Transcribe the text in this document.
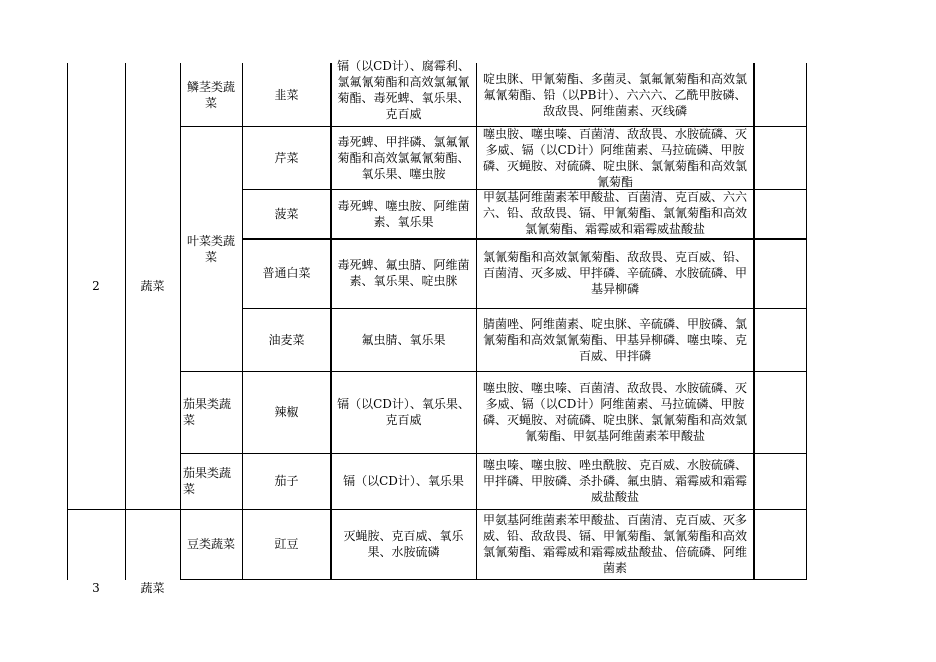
2
3
蔬菜
蔬菜
鳞茎类蔬菜
叶菜类蔬菜
茄果类蔬菜
茄果类蔬菜
豆类蔬菜
韭菜
芹菜
菠菜
普通白菜
油麦菜
辣椒
茄子
豇豆
镉（以CD计）、腐霉利、氯氟氰菊酯和高效氯氟氰菊酯、毒死蜱、氧乐果、克百威
毒死蜱、甲拌磷、氯氟氰菊酯和高效氯氟氰菊酯、氧乐果、噻虫胺
毒死蜱、噻虫胺、阿维菌素、氧乐果
毒死蜱、氟虫腈、阿维菌素、氧乐果、啶虫脒
氟虫腈、氧乐果
镉（以CD计）、氧乐果、克百威
镉（以CD计）、氧乐果
灭蝇胺、克百威、氧乐果、水胺硫磷
啶虫脒、甲氰菊酯、多菌灵、氯氟氰菊酯和高效氯氟氰菊酯、铅（以PB计）、六六六、乙酰甲胺磷、敌敌畏、阿维菌素、灭线磷
噻虫胺、噻虫嗪、百菌清、敌敌畏、水胺硫磷、灭多威、镉（以CD计）阿维菌素、马拉硫磷、甲胺磷、灭蝇胺、对硫磷、啶虫脒、氯氰菊酯和高效氯氰菊酯
甲氨基阿维菌素苯甲酸盐、百菌清、克百威、六六六、铅、敌敌畏、镉、甲氰菊酯、氯氰菊酯和高效氯氰菊酯、霜霉威和霜霉威盐酸盐
氯氰菊酯和高效氯氰菊酯、敌敌畏、克百威、铅、百菌清、灭多威、甲拌磷、辛硫磷、水胺硫磷、甲基异柳磷
腈菌唑、阿维菌素、啶虫脒、辛硫磷、甲胺磷、氯氰菊酯和高效氯氰菊酯、甲基异柳磷、噻虫嗪、克百威、甲拌磷
噻虫胺、噻虫嗪、百菌清、敌敌畏、水胺硫磷、灭多威、镉（以CD计）阿维菌素、马拉硫磷、甲胺磷、灭蝇胺、对硫磷、啶虫脒、氯氰菊酯和高效氯氰菊酯、甲氨基阿维菌素苯甲酸盐
噻虫嗪、噻虫胺、唑虫酰胺、克百威、水胺硫磷、甲拌磷、甲胺磷、杀扑磷、氟虫腈、霜霉威和霜霉威盐酸盐
甲氨基阿维菌素苯甲酸盐、百菌清、克百威、灭多威、铅、敌敌畏、镉、甲氰菊酯、氯氰菊酯和高效氯氰菊酯、霜霉威和霜霉威盐酸盐、倍硫磷、阿维菌素
